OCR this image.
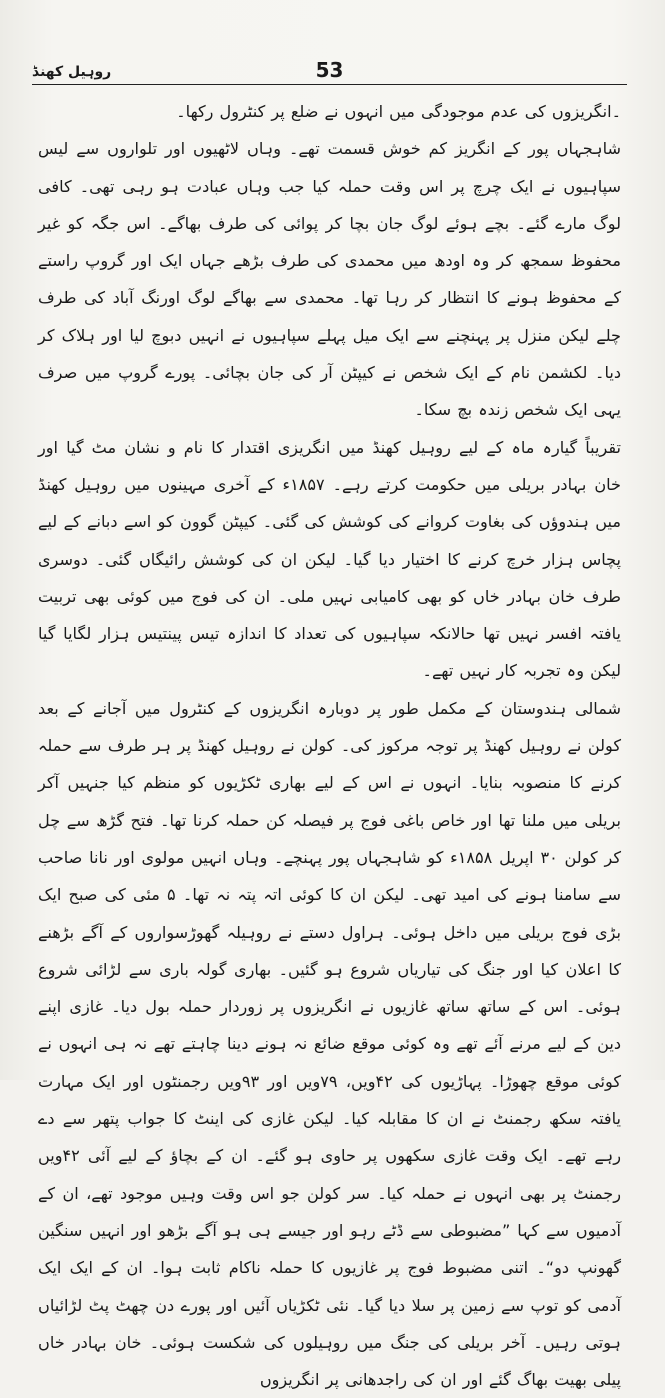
روہیل کھنڈ	53

۔انگریزوں کی عدم موجودگی میں انہوں نے ضلع پر کنٹرول رکھا۔

شاہجہاں پور کے انگریز کم خوش قسمت تھے۔ وہاں لاٹھیوں اور تلواروں سے لیس سپاہیوں نے ایک چرچ پر اس وقت حملہ کیا جب وہاں عبادت ہو رہی تھی۔ کافی لوگ مارے گئے۔ بچے ہوئے لوگ جان بچا کر پوائی کی طرف بھاگے۔ اس جگہ کو غیر محفوظ سمجھ کر وہ اودھ میں محمدی کی طرف بڑھے جہاں ایک اور گروپ راستے کے محفوظ ہونے کا انتظار کر رہا تھا۔ محمدی سے بھاگے لوگ اورنگ آباد کی طرف چلے لیکن منزل پر پہنچنے سے ایک میل پہلے سپاہیوں نے انہیں دبوچ لیا اور ہلاک کر دیا۔ لکشمن نام کے ایک شخص نے کیپٹن آر کی جان بچائی۔ پورے گروپ میں صرف یہی ایک شخص زندہ بچ سکا۔

تقریباً گیارہ ماہ کے لیے روہیل کھنڈ میں انگریزی اقتدار کا نام و نشان مٹ گیا اور خان بہادر بریلی میں حکومت کرتے رہے۔ ۱۸۵۷ء کے آخری مہینوں میں روہیل کھنڈ میں ہندوؤں کی بغاوت کروانے کی کوشش کی گئی۔ کیپٹن گوون کو اسے دبانے کے لیے پچاس ہزار خرچ کرنے کا اختیار دیا گیا۔ لیکن ان کی کوشش رائیگاں گئی۔ دوسری طرف خان بہادر خاں کو بھی کامیابی نہیں ملی۔ ان کی فوج میں کوئی بھی تربیت یافتہ افسر نہیں تھا حالانکہ سپاہیوں کی تعداد کا اندازہ تیس پینتیس ہزار لگایا گیا لیکن وہ تجربہ کار نہیں تھے۔

شمالی ہندوستان کے مکمل طور پر دوبارہ انگریزوں کے کنٹرول میں آجانے کے بعد کولن نے روہیل کھنڈ پر توجہ مرکوز کی۔ کولن نے روہیل کھنڈ پر ہر طرف سے حملہ کرنے کا منصوبہ بنایا۔ انہوں نے اس کے لیے بھاری ٹکڑیوں کو منظم کیا جنہیں آکر بریلی میں ملنا تھا اور خاص باغی فوج پر فیصلہ کن حملہ کرنا تھا۔ فتح گڑھ سے چل کر کولن ۳۰ اپریل ۱۸۵۸ء کو شاہجہاں پور پہنچے۔ وہاں انہیں مولوی اور نانا صاحب سے سامنا ہونے کی امید تھی۔ لیکن ان کا کوئی اتہ پتہ نہ تھا۔ ۵ مئی کی صبح ایک بڑی فوج بریلی میں داخل ہوئی۔ ہراول دستے نے روہیلہ گھوڑسواروں کے آگے بڑھنے کا اعلان کیا اور جنگ کی تیاریاں شروع ہو گئیں۔ بھاری گولہ باری سے لڑائی شروع ہوئی۔ اس کے ساتھ ساتھ غازیوں نے انگریزوں پر زوردار حملہ بول دیا۔ غازی اپنے دین کے لیے مرنے آئے تھے وہ کوئی موقع ضائع نہ ہونے دینا چاہتے تھے نہ ہی انہوں نے کوئی موقع چھوڑا۔ پہاڑیوں کی ۴۲ویں، ۷۹ویں اور ۹۳ویں رجمنٹوں اور ایک مہارت یافتہ سکھ رجمنٹ نے ان کا مقابلہ کیا۔ لیکن غازی کی اینٹ کا جواب پتھر سے دے رہے تھے۔ ایک وقت غازی سکھوں پر حاوی ہو گئے۔ ان کے بچاؤ کے لیے آئی ۴۲ویں رجمنٹ پر بھی انہوں نے حملہ کیا۔ سر کولن جو اس وقت وہیں موجود تھے، ان کے آدمیوں سے کہا ”مضبوطی سے ڈٹے رہو اور جیسے ہی ہو آگے بڑھو اور انہیں سنگین گھونپ دو“۔ اتنی مضبوط فوج پر غازیوں کا حملہ ناکام ثابت ہوا۔ ان کے ایک ایک آدمی کو توپ سے زمین پر سلا دیا گیا۔ نئی ٹکڑیاں آئیں اور پورے دن چھٹ پٹ لڑائیاں ہوتی رہیں۔ آخر بریلی کی جنگ میں روہیلوں کی شکست ہوئی۔ خان بہادر خاں پیلی بھیت بھاگ گئے اور ان کی راجدھانی پر انگریزوں
